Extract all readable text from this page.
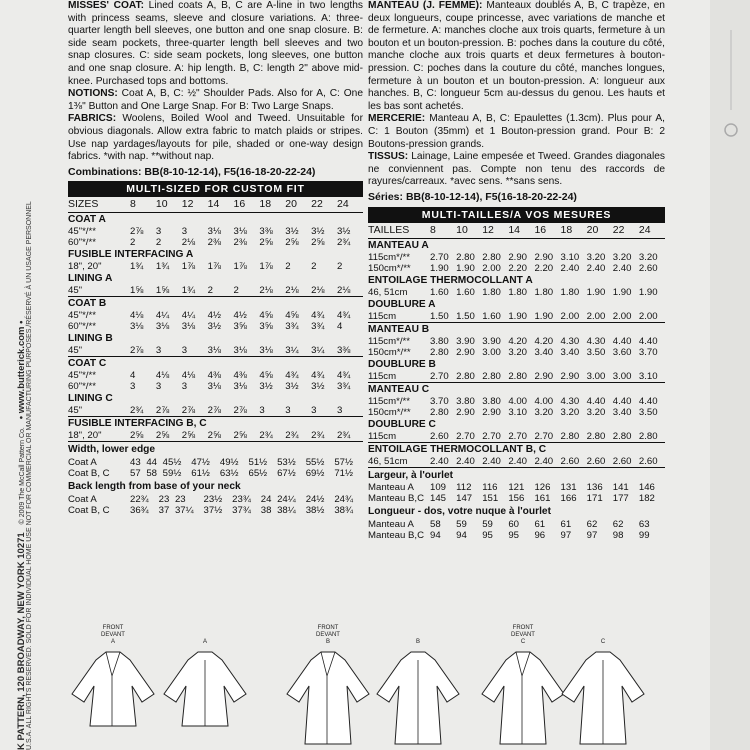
K PATTERN, 120 BROADWAY, NEW YORK 10271   © 2009 The McCall Pattern Co.   • www.butterick.com • U.S.A. ALL RIGHTS RESERVED. SOLD FOR INDIVIDUAL HOME USE NOT FOR COMMERCIAL OR MANUFACTURING PURPOSES./RÉSERVÉ À UN USAGE PERSONNEL

MISSES' COAT: Lined coats A, B, C are A-line in two lengths with princess seams, sleeve and closure variations. A: three-quarter length bell sleeves, one button and one snap closure. B: side seam pockets, three-quarter length bell sleeves and two snap closures. C: side seam pockets, long sleeves, one button and one snap closure. A: hip length. B, C: length 2" above mid-knee. Purchased tops and bottoms.

NOTIONS: Coat A, B, C: ½" Shoulder Pads. Also for A, C: One 1⅜" Button and One Large Snap. For B: Two Large Snaps.

FABRICS: Woolens, Boiled Wool and Tweed. Unsuitable for obvious diagonals. Allow extra fabric to match plaids or stripes. Use nap yardages/layouts for pile, shaded or one-way design fabrics. *with nap. **without nap.

Combinations: BB(8-10-12-14), F5(16-18-20-22-24)
MULTI-SIZED FOR CUSTOM FIT
SIZES	8	10	12	14	16	18	20	22	24
COAT A									
45"*/**	2⅞	3	3	3⅛	3⅛	3⅜	3½	3½	3½
60"*/**	2	2	2⅛	2⅜	2⅜	2⅝	2⅝	2⅝	2¾
FUSIBLE INTERFACING A									
18", 20"	1¾	1¾	1⅞	1⅞	1⅞	1⅞	2	2	2
LINING A									
45"	1⅝	1⅝	1¾	2	2	2⅛	2⅛	2⅛	2⅛
COAT B									
45"*/**	4⅛	4¼	4¼	4½	4½	4⅝	4⅝	4¾	4¾
60"*/**	3⅛	3⅛	3⅛	3½	3⅝	3⅝	3¾	3¾	4
LINING B									
45"	2⅞	3	3	3⅛	3⅛	3⅛	3¼	3¼	3⅜
COAT C									
45"*/**	4	4⅛	4⅛	4⅜	4⅜	4⅝	4¾	4¾	4¾
60"*/**	3	3	3	3⅛	3⅛	3½	3½	3½	3¾
LINING C									
45"	2¾	2⅞	2⅞	2⅞	2⅞	3	3	3	3
FUSIBLE INTERFACING B, C									
18", 20"	2⅝	2⅝	2⅝	2⅝	2⅝	2¾	2¾	2¾	2¾
Width, lower edge
Coat A	43	44	45½	47½	49½	51½	53½	55½	57½
Coat B, C	57	58	59½	61½	63½	65½	67½	69½	71½
Back length from base of your neck
Coat A	22¾	23	23	23½	23¾	24	24¼	24½	24¾
Coat B, C	36¾	37	37¼	37½	37¾	38	38¼	38½	38¾

MANTEAU (J. FEMME): Manteaux doublés A, B, C trapèze, en deux longueurs, coupe princesse, avec variations de manche et de fermeture. A: manches cloche aux trois quarts, fermeture à un bouton et un bouton-pression. B: poches dans la couture du côté, manche cloche aux trois quarts et deux fermetures à bouton-pression. C: poches dans la couture du côté, manches longues, fermeture à un bouton et un bouton-pression. A: longueur aux hanches. B, C: longueur 5cm au-dessus du genou. Les hauts et les bas sont achetés.

MERCERIE: Manteau A, B, C: Epaulettes (1.3cm). Plus pour A, C: 1 Bouton (35mm) et 1 Bouton-pression grand. Pour B: 2 Boutons-pression grands.

TISSUS: Lainage, Laine empesée et Tweed. Grandes diagonales ne conviennent pas. Compte non tenu des raccords de rayures/carreaux. *avec sens. **sans sens.

Séries: BB(8-10-12-14), F5(16-18-20-22-24)
MULTI-TAILLES/A VOS MESURES
TAILLES	8	10	12	14	16	18	20	22	24
MANTEAU A									
115cm*/**	2.70	2.80	2.80	2.90	2.90	3.10	3.20	3.20	3.20
150cm*/**	1.90	1.90	2.00	2.20	2.20	2.40	2.40	2.40	2.60
ENTOILAGE THERMOCOLLANT A									
46, 51cm	1.60	1.60	1.80	1.80	1.80	1.80	1.90	1.90	1.90
DOUBLURE A									
115cm	1.50	1.50	1.60	1.90	1.90	2.00	2.00	2.00	2.00
MANTEAU B									
115cm*/**	3.80	3.90	3.90	4.20	4.20	4.30	4.30	4.40	4.40
150cm*/**	2.80	2.90	3.00	3.20	3.40	3.40	3.50	3.60	3.70
DOUBLURE B									
115cm	2.70	2.80	2.80	2.80	2.90	2.90	3.00	3.00	3.10
MANTEAU C									
115cm*/**	3.70	3.80	3.80	4.00	4.00	4.30	4.40	4.40	4.40
150cm*/**	2.80	2.90	2.90	3.10	3.20	3.20	3.20	3.40	3.50
DOUBLURE C									
115cm	2.60	2.70	2.70	2.70	2.70	2.80	2.80	2.80	2.80
ENTOILAGE THERMOCOLLANT B, C									
46, 51cm	2.40	2.40	2.40	2.40	2.40	2.60	2.60	2.60	2.60
Largeur, à l'ourlet
Manteau A	109	112	116	121	126	131	136	141	146
Manteau B,C	145	147	151	156	161	166	171	177	182
Longueur - dos, votre nuque à l'ourlet
Manteau A	58	59	59	60	61	61	62	62	63
Manteau B,C	94	94	95	95	96	97	97	98	99
FRONT
DEVANT
A	

A
FRONT
DEVANT
B	

B
FRONT
DEVANT
C	

C
